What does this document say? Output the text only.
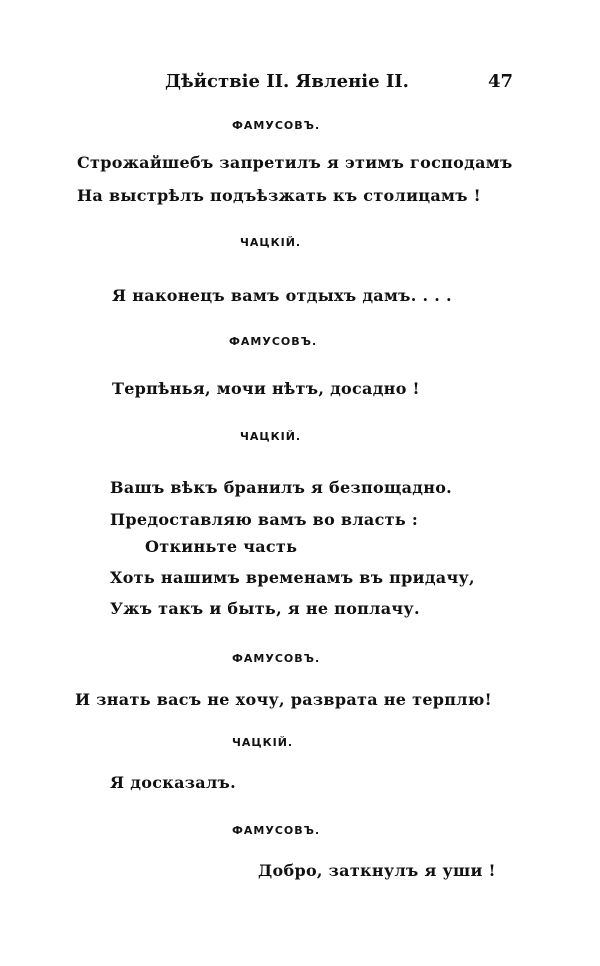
Дѣйствіе II. Явленіе II.	47
ФАМУСОВЪ.
Строжайшебъ запретилъ я этимъ господамъ
На выстрѣлъ подъѣзжать къ столицамъ !
ЧАЦКІЙ.
Я наконецъ вамъ отдыхъ дамъ. . . .
ФАМУСОВЪ.
Терпѣнья, мочи нѣтъ, досадно !
ЧАЦКІЙ.
Вашъ вѣкъ бранилъ я безпощадно.
Предоставляю вамъ во власть :
Откиньте часть
Хоть нашимъ временамъ въ придачу,
Ужъ такъ и быть, я не поплачу.
ФАМУСОВЪ.
И знать васъ не хочу, разврата не терплю!
ЧАЦКІЙ.
Я досказалъ.
ФАМУСОВЪ.
Добро, заткнулъ я уши !
